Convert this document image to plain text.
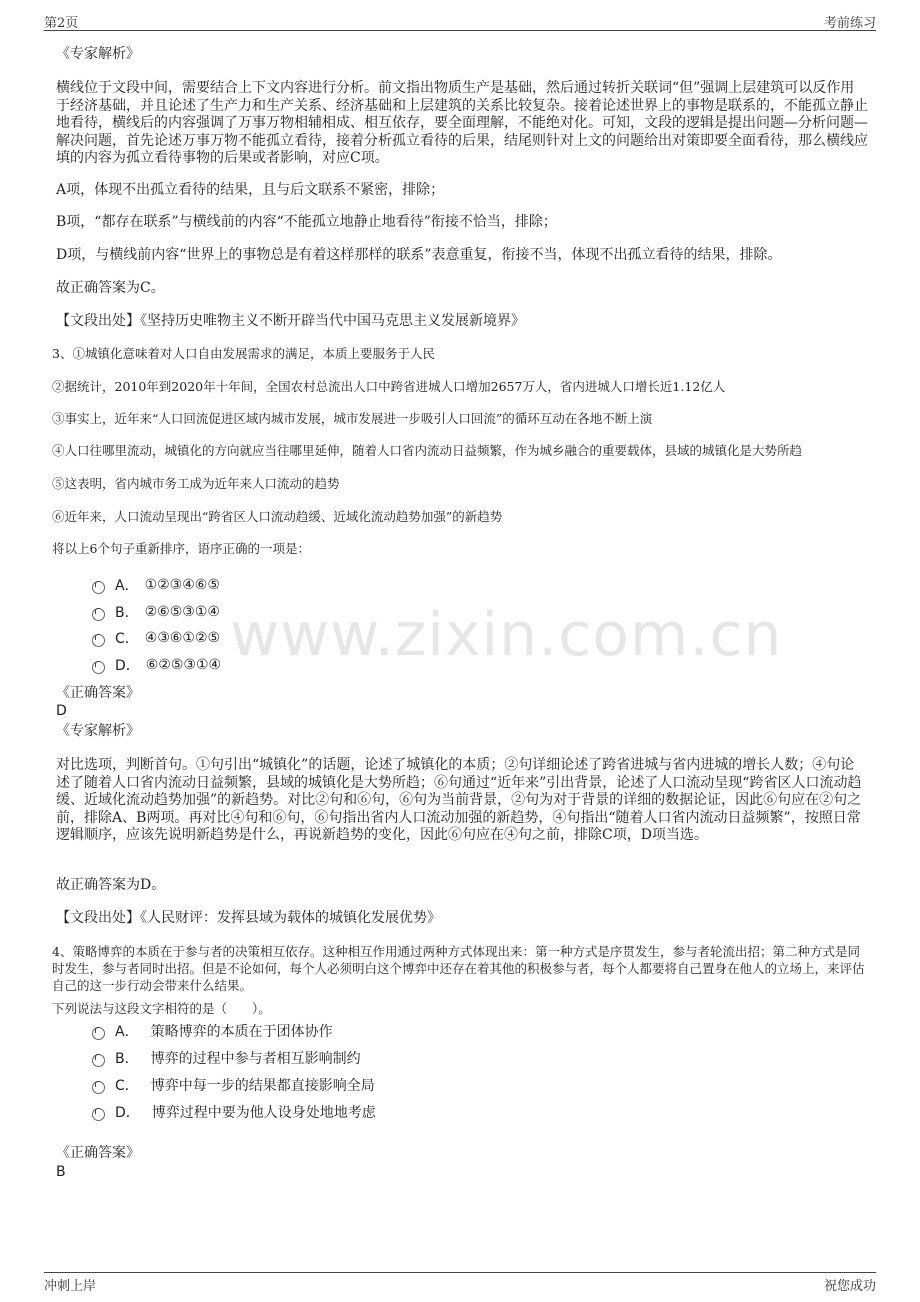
第2页	考前练习
www.zixin.com.cn
《专家解析》
横线位于文段中间，需要结合上下文内容进行分析。前文指出物质生产是基础，然后通过转折关联词“但”强调上层建筑可以反作用于经济基础，并且论述了生产力和生产关系、经济基础和上层建筑的关系比较复杂。接着论述世界上的事物是联系的，不能孤立静止地看待，横线后的内容强调了万事万物相辅相成、相互依存，要全面理解，不能绝对化。可知，文段的逻辑是提出问题—分析问题—解决问题，首先论述万事万物不能孤立看待，接着分析孤立看待的后果，结尾则针对上文的问题给出对策即要全面看待，那么横线应填的内容为孤立看待事物的后果或者影响，对应C项。
A项，体现不出孤立看待的结果，且与后文联系不紧密，排除；
B项，“都存在联系”与横线前的内容“不能孤立地静止地看待”衔接不恰当，排除；
D项，与横线前内容“世界上的事物总是有着这样那样的联系”表意重复，衔接不当，体现不出孤立看待的结果，排除。
故正确答案为C。
【文段出处】《坚持历史唯物主义不断开辟当代中国马克思主义发展新境界》
3、①城镇化意味着对人口自由发展需求的满足，本质上要服务于人民
②据统计，2010年到2020年十年间，全国农村总流出人口中跨省进城人口增加2657万人，省内进城人口增长近1.12亿人
③事实上，近年来“人口回流促进区域内城市发展，城市发展进一步吸引人口回流”的循环互动在各地不断上演
④人口往哪里流动，城镇化的方向就应当往哪里延伸，随着人口省内流动日益频繁，作为城乡融合的重要载体，县域的城镇化是大势所趋
⑤这表明，省内城市务工成为近年来人口流动的趋势
⑥近年来，人口流动呈现出“跨省区人口流动趋缓、近域化流动趋势加强”的新趋势
将以上6个句子重新排序，语序正确的一项是：
A． ①②③④⑥⑤
B． ②⑥⑤③①④
C． ④③⑥①②⑤
D． ⑥②⑤③①④
《正确答案》
D
《专家解析》
对比选项，判断首句。①句引出“城镇化”的话题，论述了城镇化的本质；②句详细论述了跨省进城与省内进城的增长人数；④句论述了随着人口省内流动日益频繁，县域的城镇化是大势所趋；⑥句通过“近年来”引出背景，论述了人口流动呈现“跨省区人口流动趋缓、近域化流动趋势加强”的新趋势。对比②句和⑥句，⑥句为当前背景，②句为对于背景的详细的数据论证，因此⑥句应在②句之前，排除A、B两项。再对比④句和⑥句，⑥句指出省内人口流动加强的新趋势，④句指出“随着人口省内流动日益频繁”，按照日常逻辑顺序，应该先说明新趋势是什么，再说新趋势的变化，因此⑥句应在④句之前，排除C项，D项当选。
故正确答案为D。
【文段出处】《人民财评：发挥县域为载体的城镇化发展优势》
4、策略博弈的本质在于参与者的决策相互依存。这种相互作用通过两种方式体现出来：第一种方式是序贯发生，参与者轮流出招；第二种方式是同时发生，参与者同时出招。但是不论如何，每个人必须明白这个博弈中还存在着其他的积极参与者，每个人都要将自己置身在他人的立场上，来评估自己的这一步行动会带来什么结果。
下列说法与这段文字相符的是（　　）。
A． 策略博弈的本质在于团体协作
B． 博弈的过程中参与者相互影响制约
C． 博弈中每一步的结果都直接影响全局
D． 博弈过程中要为他人设身处地地考虑
《正确答案》
B
冲刺上岸	祝您成功
